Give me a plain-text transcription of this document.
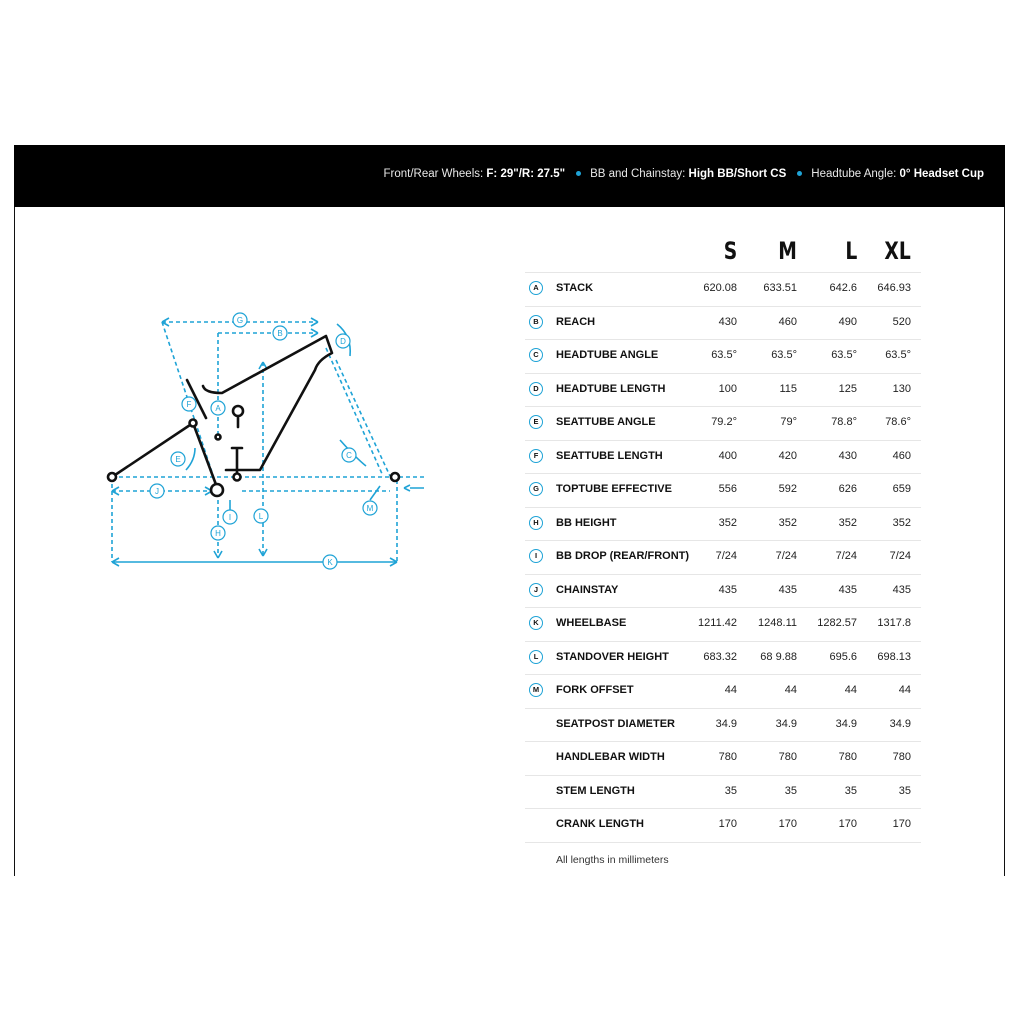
Front/Rear Wheels: F: 29"/R: 27.5" BB and Chainstay: High BB/Short CS Headtube Angle: 0° Headset Cup
G
B
D
A
F
E	C
J
M
I	L
H
K
S M L XL
A	STACK	620.08	633.51	642.6	646.93
B	REACH	430	460	490	520
C	HEADTUBE ANGLE	63.5°	63.5°	63.5°	63.5°
D	HEADTUBE LENGTH	100	115	125	130
E	SEATTUBE ANGLE	79.2°	79°	78.8°	78.6°
F	SEATTUBE LENGTH	400	420	430	460
G	TOPTUBE EFFECTIVE	556	592	626	659
H	BB HEIGHT	352	352	352	352
I	BB DROP (REAR/FRONT)	7/24	7/24	7/24	7/24
J	CHAINSTAY	435	435	435	435
K	WHEELBASE	1211.42	1248.11	1282.57	1317.8
L	STANDOVER HEIGHT	683.32	68 9.88	695.6	698.13
M	FORK OFFSET	44	44	44	44
SEATPOST DIAMETER	34.9	34.9	34.9	34.9
HANDLEBAR WIDTH	780	780	780	780
STEM LENGTH	35	35	35	35
CRANK LENGTH	170	170	170	170
All lengths in millimeters
